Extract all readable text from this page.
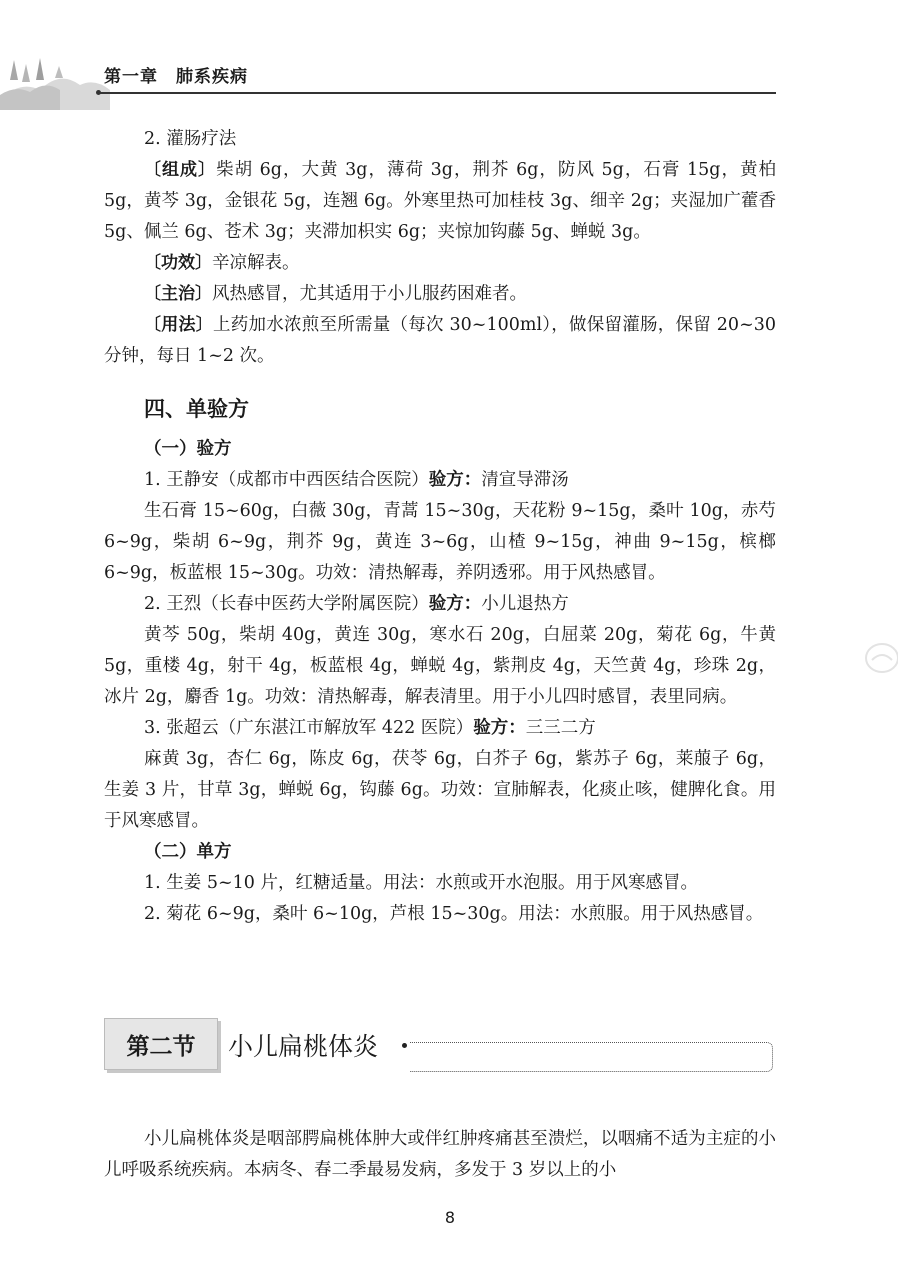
第一章　肺系疾病

2. 灌肠疗法

〔组成〕柴胡 6g，大黄 3g，薄荷 3g，荆芥 6g，防风 5g，石膏 15g，黄柏 5g，黄芩 3g，金银花 5g，连翘 6g。外寒里热可加桂枝 3g、细辛 2g；夹湿加广藿香 5g、佩兰 6g、苍术 3g；夹滞加枳实 6g；夹惊加钩藤 5g、蝉蜕 3g。

〔功效〕辛凉解表。

〔主治〕风热感冒，尤其适用于小儿服药困难者。

〔用法〕上药加水浓煎至所需量（每次 30~100ml），做保留灌肠，保留 20~30 分钟，每日 1~2 次。

四、单验方

（一）验方

1. 王静安（成都市中西医结合医院）验方：清宣导滞汤

生石膏 15~60g，白薇 30g，青蒿 15~30g，天花粉 9~15g，桑叶 10g，赤芍 6~9g，柴胡 6~9g，荆芥 9g，黄连 3~6g，山楂 9~15g，神曲 9~15g，槟榔 6~9g，板蓝根 15~30g。功效：清热解毒，养阴透邪。用于风热感冒。

2. 王烈（长春中医药大学附属医院）验方：小儿退热方

黄芩 50g，柴胡 40g，黄连 30g，寒水石 20g，白屈菜 20g，菊花 6g，牛黄 5g，重楼 4g，射干 4g，板蓝根 4g，蝉蜕 4g，紫荆皮 4g，天竺黄 4g，珍珠 2g，冰片 2g，麝香 1g。功效：清热解毒，解表清里。用于小儿四时感冒，表里同病。

3. 张超云（广东湛江市解放军 422 医院）验方：三三二方

麻黄 3g，杏仁 6g，陈皮 6g，茯苓 6g，白芥子 6g，紫苏子 6g，莱菔子 6g，生姜 3 片，甘草 3g，蝉蜕 6g，钩藤 6g。功效：宣肺解表，化痰止咳，健脾化食。用于风寒感冒。

（二）单方

1. 生姜 5~10 片，红糖适量。用法：水煎或开水泡服。用于风寒感冒。

2. 菊花 6~9g，桑叶 6~10g，芦根 15~30g。用法：水煎服。用于风热感冒。

第二节	小儿扁桃体炎

小儿扁桃体炎是咽部腭扁桃体肿大或伴红肿疼痛甚至溃烂，以咽痛不适为主症的小儿呼吸系统疾病。本病冬、春二季最易发病，多发于 3 岁以上的小

8
